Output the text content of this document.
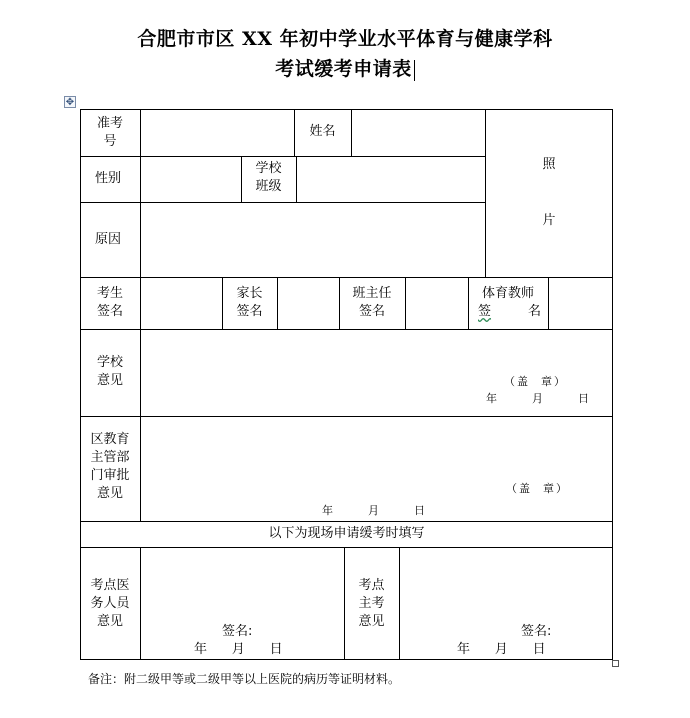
合肥市市区 XX 年初中学业水平体育与健康学科
考试缓考申请表
✥
准考
号
姓名
照
片
性别
学校
班级
原因
考生
签名
家长
签名
班主任
签名
体育教师
签	名
学校
意见	（盖  章）
年      月      日
区教育
主管部
门审批
意见
年      月      日
（盖  章）
以下为现场申请缓考时填写
考点医
务人员
意见
签名:
年      月      日
考点
主考
意见
签名:
年      月      日
备注：附二级甲等或二级甲等以上医院的病历等证明材料。
